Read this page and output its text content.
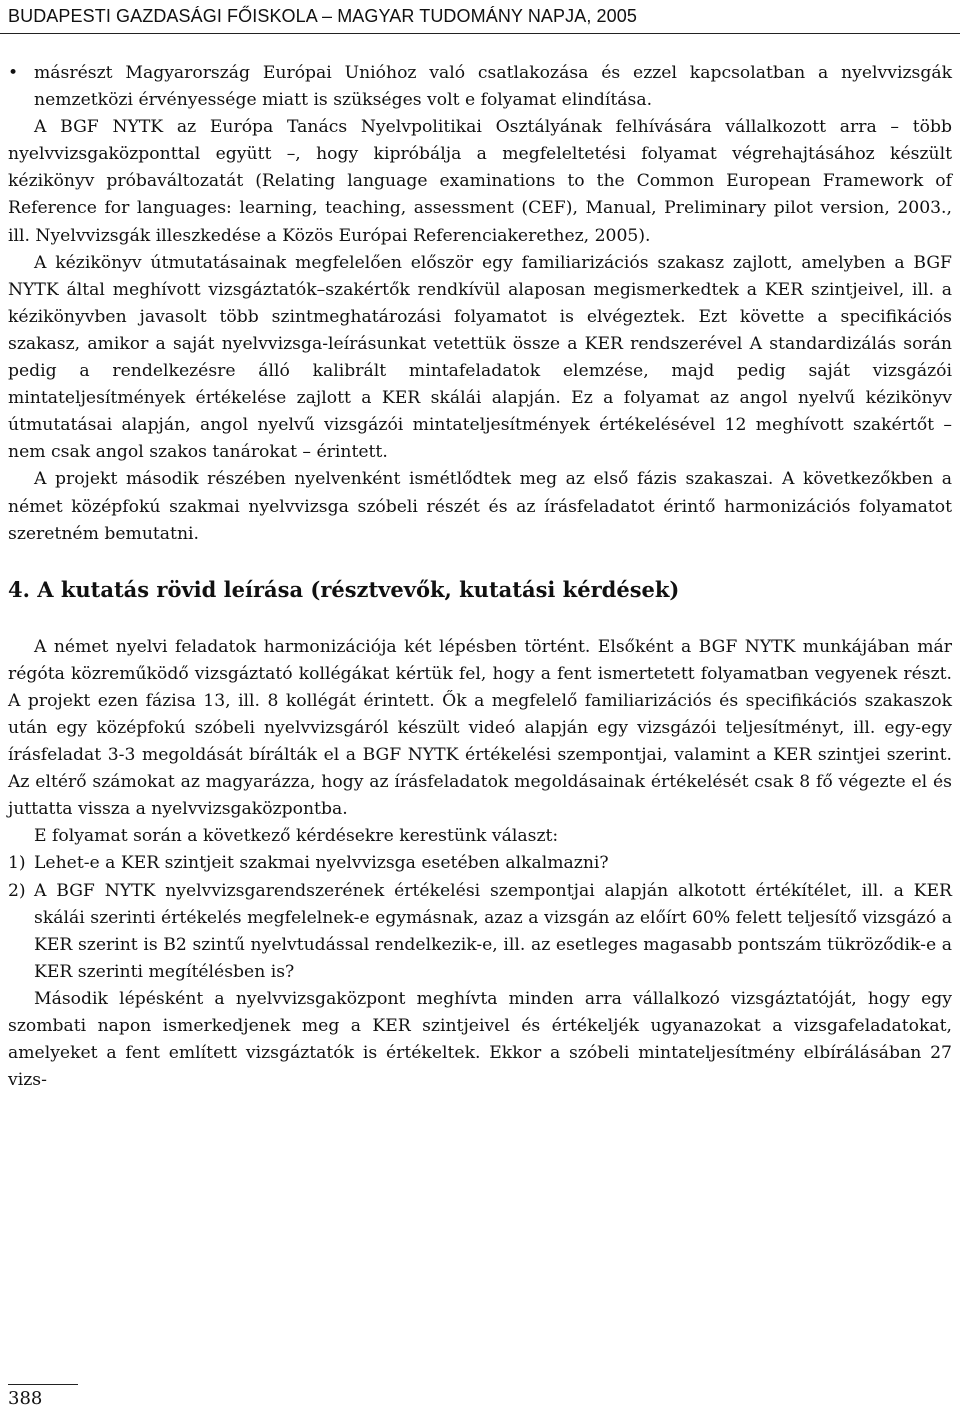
BUDAPESTI GAZDASÁGI FŐISKOLA – MAGYAR TUDOMÁNY NAPJA, 2005

• másrészt Magyarország Európai Unióhoz való csatlakozása és ezzel kapcsolatban a nyelvvizsgák nemzetközi érvényessége miatt is szükséges volt e folyamat elindítása.

A BGF NYTK az Európa Tanács Nyelvpolitikai Osztályának felhívására vállalkozott arra – több nyelvvizsgaközponttal együtt –, hogy kipróbálja a megfeleltetési folyamat végrehajtásához készült kézikönyv próbaváltozatát (Relating language examinations to the Common European Framework of Reference for languages: learning, teaching, assessment (CEF), Manual, Preliminary pilot version, 2003., ill. Nyelvvizsgák illeszkedése a Közös Európai Referenciakerethez, 2005).

A kézikönyv útmutatásainak megfelelően először egy familiarizációs szakasz zajlott, amelyben a BGF NYTK által meghívott vizsgáztatók–szakértők rendkívül alaposan megismerkedtek a KER szintjeivel, ill. a kézikönyvben javasolt több szintmeghatározási folyamatot is elvégeztek. Ezt követte a specifikációs szakasz, amikor a saját nyelvvizsga-leírásunkat vetettük össze a KER rendszerével A standardizálás során pedig a rendelkezésre álló kalibrált mintafeladatok elemzése, majd pedig saját vizsgázói mintateljesítmények értékelése zajlott a KER skálái alapján. Ez a folyamat az angol nyelvű kézikönyv útmutatásai alapján, angol nyelvű vizsgázói mintateljesítmények értékelésével 12 meghívott szakértőt – nem csak angol szakos tanárokat – érintett.

A projekt második részében nyelvenként ismétlődtek meg az első fázis szakaszai. A következőkben a német középfokú szakmai nyelvvizsga szóbeli részét és az írásfeladatot érintő harmonizációs folyamatot szeretném bemutatni.

4. A kutatás rövid leírása (résztvevők, kutatási kérdések)

A német nyelvi feladatok harmonizációja két lépésben történt. Elsőként a BGF NYTK munkájában már régóta közreműködő vizsgáztató kollégákat kértük fel, hogy a fent ismertetett folyamatban vegyenek részt. A projekt ezen fázisa 13, ill. 8 kollégát érintett. Ők a megfelelő familiarizációs és specifikációs szakaszok után egy középfokú szóbeli nyelvvizsgáról készült videó alapján egy vizsgázói teljesítményt, ill. egy-egy írásfeladat 3-3 megoldását bírálták el a BGF NYTK értékelési szempontjai, valamint a KER szintjei szerint. Az eltérő számokat az magyarázza, hogy az írásfeladatok megoldásainak értékelését csak 8 fő végezte el és juttatta vissza a nyelvvizsgaközpontba.

E folyamat során a következő kérdésekre kerestünk választ:

1) Lehet-e a KER szintjeit szakmai nyelvvizsga esetében alkalmazni?

2) A BGF NYTK nyelvvizsgarendszerének értékelési szempontjai alapján alkotott értékítélet, ill. a KER skálái szerinti értékelés megfelelnek-e egymásnak, azaz a vizsgán az előírt 60% felett teljesítő vizsgázó a KER szerint is B2 szintű nyelvtudással rendelkezik-e, ill. az esetleges magasabb pontszám tükröződik-e a KER szerinti megítélésben is?

Második lépésként a nyelvvizsgaközpont meghívta minden arra vállalkozó vizsgáztatóját, hogy egy szombati napon ismerkedjenek meg a KER szintjeivel és értékeljék ugyanazokat a vizsgafeladatokat, amelyeket a fent említett vizsgáztatók is értékeltek. Ekkor a szóbeli mintateljesítmény elbírálásában 27 vizs-

388
